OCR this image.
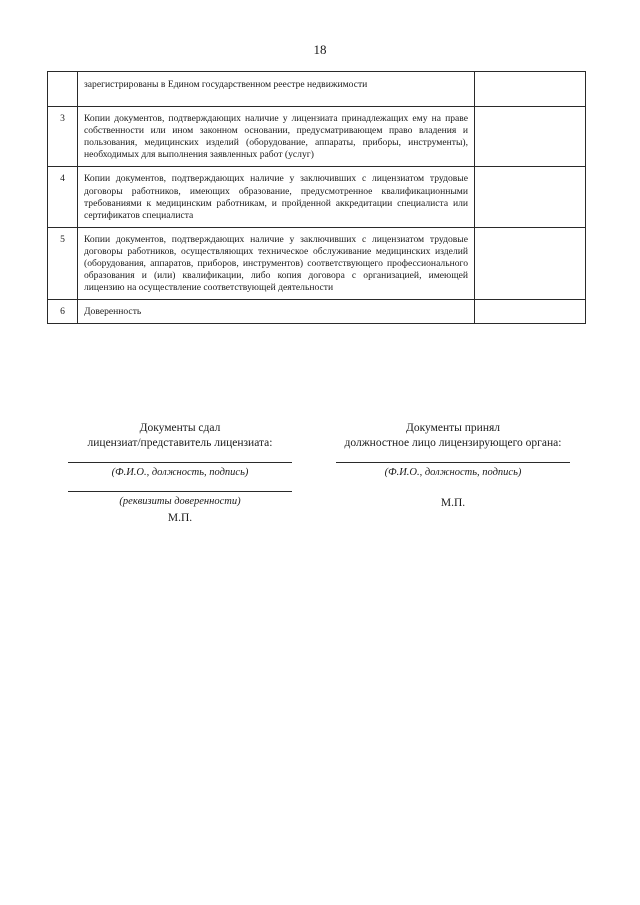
18
	зарегистрированы в Едином государственном реестре недвижимости	
3	Копии документов, подтверждающих наличие у лицензиата принадлежащих ему на праве собственности или ином законном основании, предусматривающем право владения и пользования, медицинских изделий (оборудование, аппараты, приборы, инструменты), необходимых для выполнения заявленных работ (услуг)	
4	Копии документов, подтверждающих наличие у заключивших с лицензиатом трудовые договоры работников, имеющих образование, предусмотренное квалификационными требованиями к медицинским работникам, и пройденной аккредитации специалиста или сертификатов специалиста	
5	Копии документов, подтверждающих наличие у заключивших с лицензиатом трудовые договоры работников, осуществляющих техническое обслуживание медицинских изделий (оборудования, аппаратов, приборов, инструментов) соответствующего профессионального образования и (или) квалификации, либо копия договора с организацией, имеющей лицензию на осуществление соответствующей деятельности	
6	Доверенность	
Документы сдал
лицензиат/представитель лицензиата:
(Ф.И.О., должность, подпись)
(реквизиты доверенности)
М.П.
Документы принял
должностное лицо лицензирующего органа:
(Ф.И.О., должность, подпись)
М.П.
